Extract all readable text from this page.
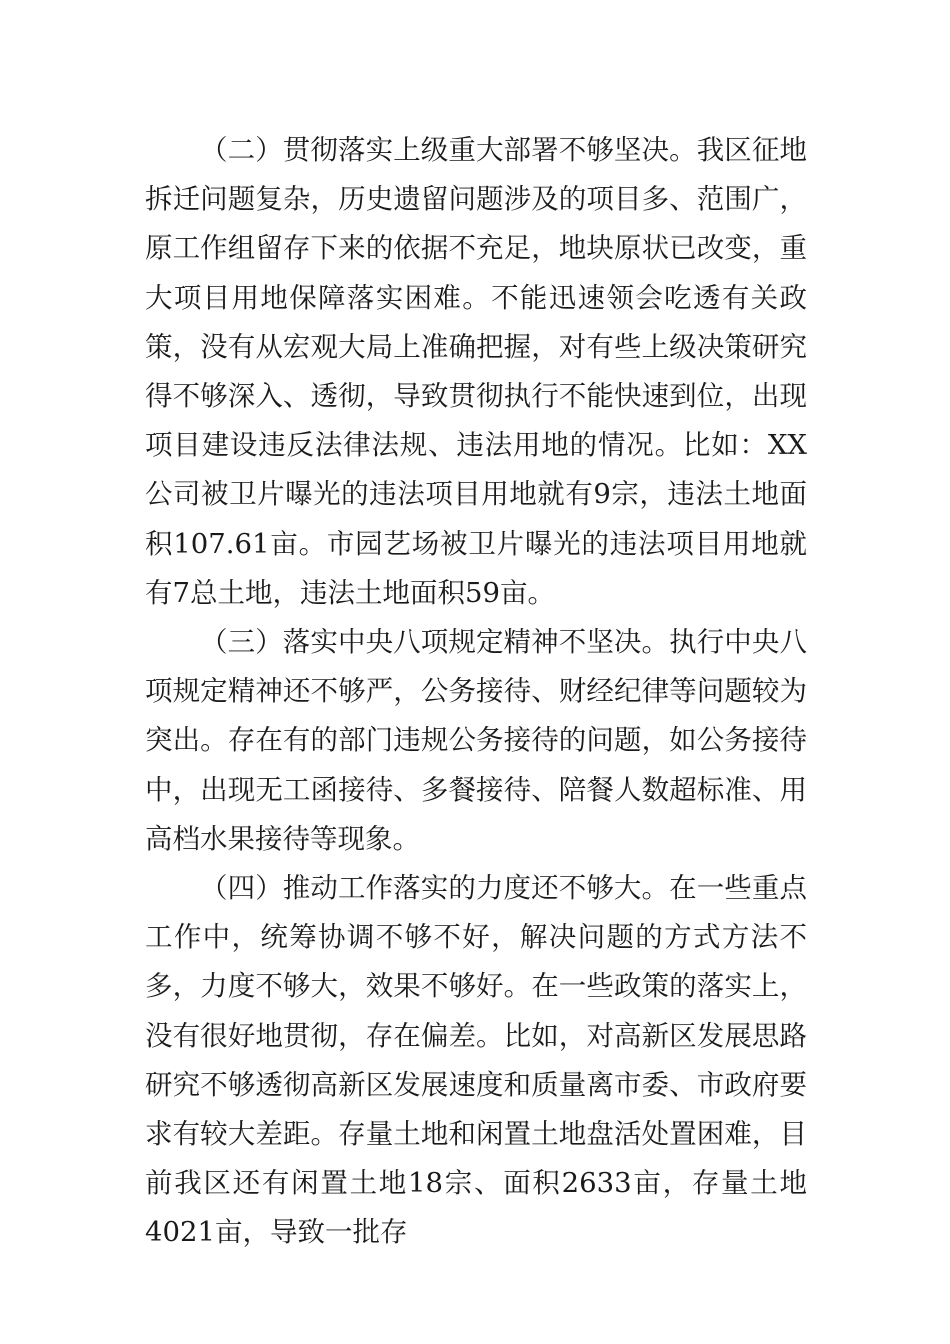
（二）贯彻落实上级重大部署不够坚决。我区征地拆迁问题复杂，历史遗留问题涉及的项目多、范围广，原工作组留存下来的依据不充足，地块原状已改变，重大项目用地保障落实困难。不能迅速领会吃透有关政策，没有从宏观大局上准确把握，对有些上级决策研究得不够深入、透彻，导致贯彻执行不能快速到位，出现项目建设违反法律法规、违法用地的情况。比如：XX公司被卫片曝光的违法项目用地就有9宗，违法土地面积107.61亩。市园艺场被卫片曝光的违法项目用地就有7总土地，违法土地面积59亩。

（三）落实中央八项规定精神不坚决。执行中央八项规定精神还不够严，公务接待、财经纪律等问题较为突出。存在有的部门违规公务接待的问题，如公务接待中，出现无工函接待、多餐接待、陪餐人数超标准、用高档水果接待等现象。

（四）推动工作落实的力度还不够大。在一些重点工作中，统筹协调不够不好，解决问题的方式方法不多，力度不够大，效果不够好。在一些政策的落实上，没有很好地贯彻，存在偏差。比如，对高新区发展思路研究不够透彻高新区发展速度和质量离市委、市政府要求有较大差距。存量土地和闲置土地盘活处置困难，目前我区还有闲置土地18宗、面积2633亩，存量土地4021亩，导致一批存
